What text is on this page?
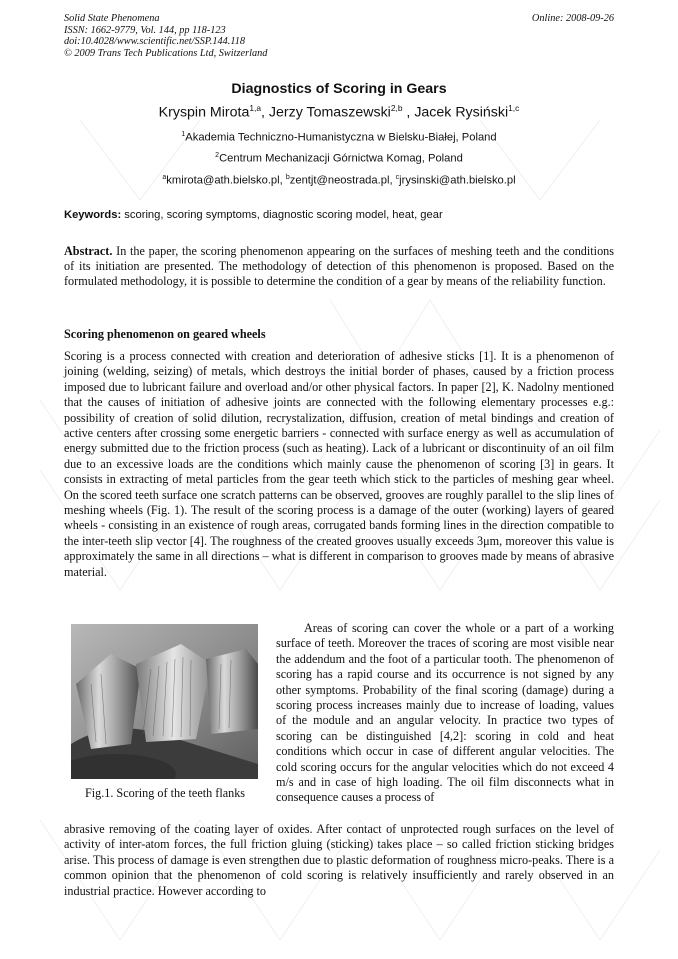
Solid State Phenomena
ISSN: 1662-9779, Vol. 144, pp 118-123
doi:10.4028/www.scientific.net/SSP.144.118
© 2009 Trans Tech Publications Ltd, Switzerland
Online: 2008-09-26
Diagnostics of Scoring in Gears
Kryspin Mirota$^{1,a}$, Jerzy Tomaszewski$^{2,b}$ , Jacek Rysiński$^{1,c}$
$^1$Akademia Techniczno-Humanistyczna w Bielsku-Białej, Poland
$^2$Centrum Mechanizacji Górnictwa Komag, Poland
$^a$kmirota@ath.bielsko.pl, $^b$zentjt@neostrada.pl, $^c$jrysinski@ath.bielsko.pl
Keywords: scoring, scoring symptoms, diagnostic scoring model, heat, gear
Abstract. In the paper, the scoring phenomenon appearing on the surfaces of meshing teeth and the conditions of its initiation are presented. The methodology of detection of this phenomenon is proposed. Based on the formulated methodology, it is possible to determine the condition of a gear by means of the reliability function.
Scoring phenomenon on geared wheels
Scoring is a process connected with creation and deterioration of adhesive sticks [1]. It is a phenomenon of joining (welding, seizing) of metals, which destroys the initial border of phases, caused by a friction process imposed due to lubricant failure and overload and/or other physical factors. In paper [2], K. Nadolny mentioned that the causes of initiation of adhesive joints are connected with the following elementary processes e.g.: possibility of creation of solid dilution, recrystalization, diffusion, creation of metal bindings and creation of active centers after crossing some energetic barriers - connected with surface energy as well as accumulation of energy submitted due to the friction process (such as heating). Lack of a lubricant or discontinuity of an oil film due to an excessive loads are the conditions which mainly cause the phenomenon of scoring [3] in gears. It consists in extracting of metal particles from the gear teeth which stick to the particles of meshing gear wheel. On the scored teeth surface one scratch patterns can be observed, grooves are roughly parallel to the slip lines of meshing wheels (Fig. 1). The result of the scoring process is a damage of the outer (working) layers of geared wheels - consisting in an existence of rough areas, corrugated bands forming lines in the direction compatible to the inter-teeth slip vector [4]. The roughness of the created grooves usually exceeds 3μm, moreover this value is approximately the same in all directions – what is different in comparison to grooves made by means of abrasive material.
Fig.1. Scoring of the teeth flanks
Areas of scoring can cover the whole or a part of a working surface of teeth. Moreover the traces of scoring are most visible near the addendum and the foot of a particular tooth. The phenomenon of scoring has a rapid course and its occurrence is not signed by any other symptoms. Probability of the final scoring (damage) during a scoring process increases mainly due to increase of loading, values of the module and an angular velocity. In practice two types of scoring can be distinguished [4,2]: scoring in cold and heat conditions which occur in case of different angular velocities. The cold scoring occurs for the angular velocities which do not exceed 4 m/s and in case of high loading. The oil film disconnects what in consequence causes a process of
abrasive removing of the coating layer of oxides. After contact of unprotected rough surfaces on the level of activity of inter-atom forces, the full friction gluing (sticking) takes place – so called friction sticking bridges arise. This process of damage is even strengthen due to plastic deformation of roughness micro-peaks. There is a common opinion that the phenomenon of cold scoring is relatively insufficiently and rarely observed in an industrial practice. However according to
